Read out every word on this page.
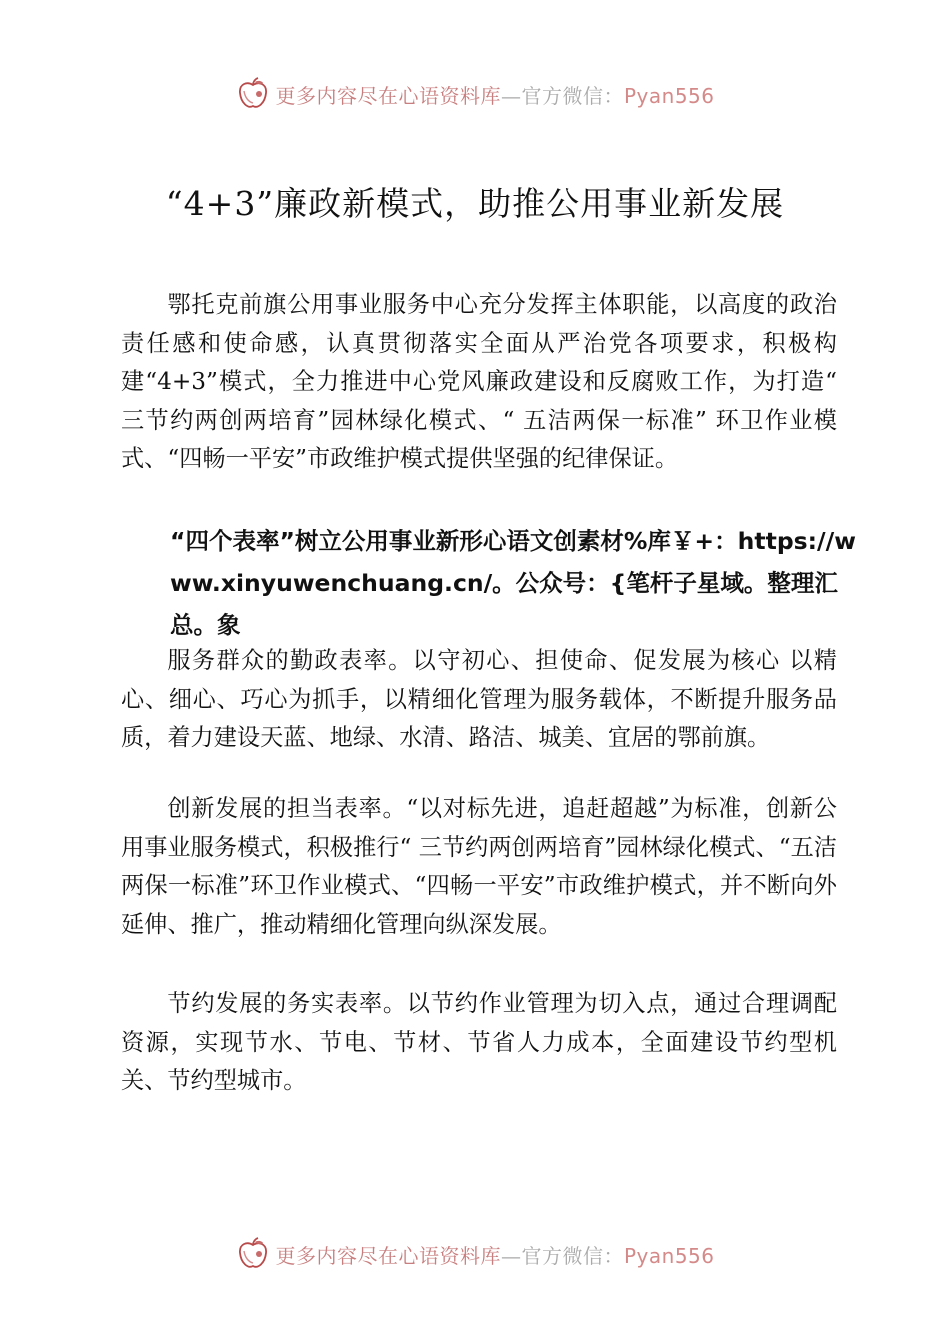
更多内容尽在心语资料库—官方微信：Pyan556
“4+3”廉政新模式，助推公用事业新发展

鄂托克前旗公用事业服务中心充分发挥主体职能，以高度的政治责任感和使命感，认真贯彻落实全面从严治党各项要求，积极构建“4+3”模式，全力推进中心党风廉政建设和反腐败工作，为打造“ 三节约两创两培育”园林绿化模式、“ 五洁两保一标准” 环卫作业模式、“四畅一平安”市政维护模式提供坚强的纪律保证。

“四个表率”树立公用事业新形心语文创素材%库￥+：https://www.xinyuwenchuang.cn/。公众号：{笔杆子星域。整理汇总。象

服务群众的勤政表率。以守初心、担使命、促发展为核心 以精心、细心、巧心为抓手，以精细化管理为服务载体，不断提升服务品质，着力建设天蓝、地绿、水清、路洁、城美、宜居的鄂前旗。

创新发展的担当表率。“以对标先进，追赶超越”为标准，创新公用事业服务模式，积极推行“ 三节约两创两培育”园林绿化模式、“五洁两保一标准”环卫作业模式、“四畅一平安”市政维护模式，并不断向外延伸、推广，推动精细化管理向纵深发展。

节约发展的务实表率。以节约作业管理为切入点，通过合理调配资源，实现节水、节电、节材、节省人力成本，全面建设节约型机关、节约型城市。

更多内容尽在心语资料库—官方微信：Pyan556
